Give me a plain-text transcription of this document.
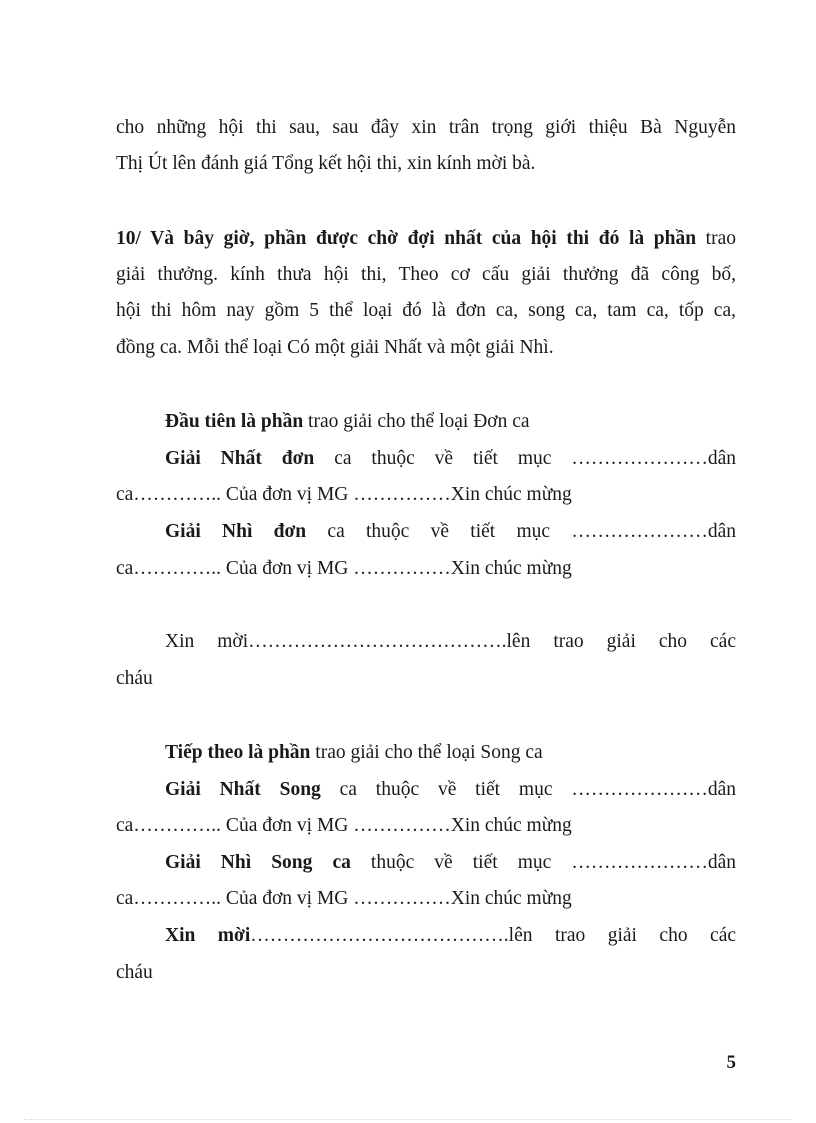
cho những hội thi sau, sau đây xin trân trọng giới thiệu Bà Nguyễn
Thị Út lên đánh giá Tổng kết hội thi, xin kính mời bà.
10/ Và bây giờ, phần được chờ đợi nhất của hội thi đó là phần trao
giải thưởng. kính thưa hội thi, Theo cơ cấu giải thưởng đã công bố,
hội thi hôm nay gồm 5 thể loại đó là đơn ca, song ca, tam ca, tốp ca,
đồng ca. Mỗi thể loại Có một giải Nhất và một giải Nhì.
Đầu tiên là phần trao giải cho thể loại Đơn ca
Giải Nhất đơn ca thuộc về tiết mục …………………dân
ca………….. Của đơn vị MG ……………Xin chúc mừng
Giải Nhì đơn ca thuộc về tiết mục …………………dân
ca………….. Của đơn vị MG ……………Xin chúc mừng
Xin mời………………………………….lên trao giải cho các
cháu
Tiếp theo là phần trao giải cho thể loại Song ca
Giải Nhất Song ca thuộc về tiết mục …………………dân
ca………….. Của đơn vị MG ……………Xin chúc mừng
Giải Nhì Song ca thuộc về tiết mục …………………dân
ca………….. Của đơn vị MG ……………Xin chúc mừng
Xin mời………………………………….lên trao giải cho các
cháu
5
